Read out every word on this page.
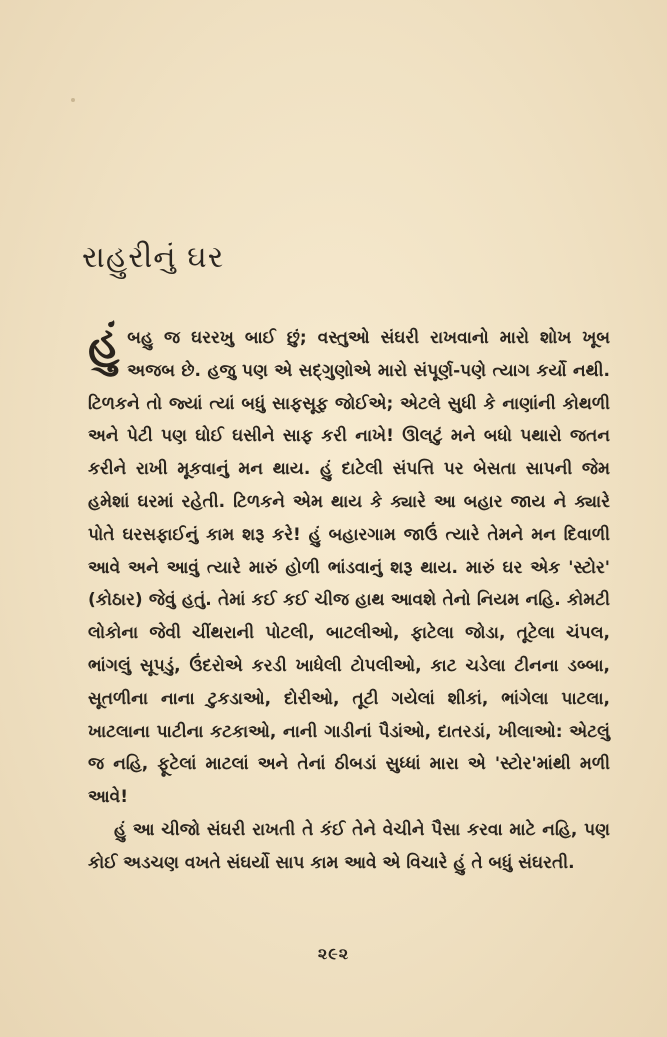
રાહુરીનું ઘર

હું બહુ જ ઘરરખુ બાઈ છું; વસ્તુઓ સંઘરી રાખવાનો મારો શોખ ખૂબ અજબ છે. હજુ પણ એ સદ્ગુણોએ મારો સંપૂર્ણ-પણે ત્યાગ કર્યો નથી. ટિળકને તો જ્યાં ત્યાં બધું સાફસૂફ જોઈએ; એટલે સુધી કે નાણાંની કોથળી અને પેટી પણ ઘોઈ ઘસીને સાફ કરી નાખે! ઊલટું મને બધો પથારો જતન કરીને રાખી મૂકવાનું મન થાય. હું દાટેલી સંપત્તિ પર બેસતા સાપની જેમ હમેશાં ઘરમાં રહેતી. ટિળકને એમ થાય કે ક્યારે આ બહાર જાય ને ક્યારે પોતે ઘરસફાઈનું કામ શરૂ કરે! હું બહારગામ જાઉં ત્યારે તેમને મન દિવાળી આવે અને આવું ત્યારે મારું હોળી ભાંડવાનું શરૂ થાય. મારું ઘર એક 'સ્ટોર' (કોઠાર) જેવું હતું. તેમાં કઈ કઈ ચીજ હાથ આવશે તેનો નિયમ નહિ. કોમટી લોકોના જેવી ચીંથરાની પોટલી, બાટલીઓ, ફાટેલા જોડા, તૂટેલા ચંપલ, ભાંગલું સૂપડું, ઉંદરોએ કરડી ખાધેલી ટોપલીઓ, કાટ ચડેલા ટીનના ડબ્બા, સૂતળીના નાના ટુકડાઓ, દોરીઓ, તૂટી ગયેલાં શીકાં, ભાંગેલા પાટલા, ખાટલાના પાટીના કટકાઓ, નાની ગાડીનાં પૈડાંઓ, દાતરડાં, ખીલાઓ: એટલું જ નહિ, ફૂટેલાં માટલાં અને તેનાં ઠીબડાં સુધ્ધાં મારા એ 'સ્ટોર'માંથી મળી આવે!

હું આ ચીજો સંઘરી રાખતી તે કંઈ તેને વેચીને પૈસા કરવા માટે નહિ, પણ કોઈ અડચણ વખતે સંઘર્યો સાપ કામ આવે એ વિચારે હું તે બધું સંઘરતી.

૨૯૨
